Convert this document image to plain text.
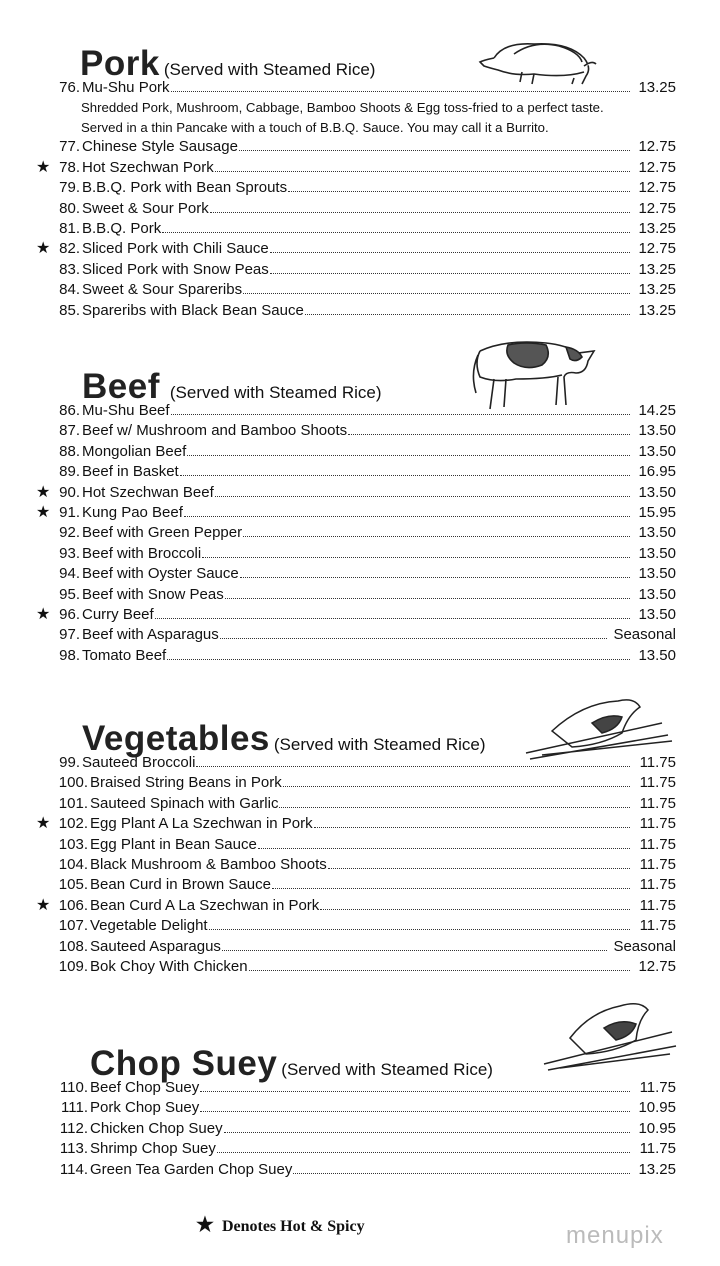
Pork (Served with Steamed Rice)
76. Mu-Shu Pork	13.25
Shredded Pork, Mushroom, Cabbage, Bamboo Shoots & Egg toss-fried to a perfect taste.
Served in a thin Pancake with a touch of B.B.Q. Sauce. You may call it a Burrito.
77. Chinese Style Sausage	12.75
★ 78. Hot Szechwan Pork	12.75
79. B.B.Q. Pork with Bean Sprouts	12.75
80. Sweet & Sour Pork	12.75
81. B.B.Q. Pork	13.25
★ 82. Sliced Pork with Chili Sauce	12.75
83. Sliced Pork with Snow Peas	13.25
84. Sweet & Sour Spareribs	13.25
85. Spareribs with Black Bean Sauce	13.25
Beef (Served with Steamed Rice)
86. Mu-Shu Beef	14.25
87. Beef w/ Mushroom and Bamboo Shoots	13.50
88. Mongolian Beef	13.50
89. Beef in Basket	16.95
★ 90. Hot Szechwan Beef	13.50
★ 91. Kung Pao Beef	15.95
92. Beef with Green Pepper	13.50
93. Beef with Broccoli	13.50
94. Beef with Oyster Sauce	13.50
95. Beef with Snow Peas	13.50
★ 96. Curry Beef	13.50
97. Beef with Asparagus	Seasonal
98. Tomato Beef	13.50
Vegetables (Served with Steamed Rice)
99. Sauteed Broccoli	11.75
100. Braised String Beans in Pork	11.75
101. Sauteed Spinach with Garlic	11.75
★ 102. Egg Plant A La Szechwan in Pork	11.75
103. Egg Plant in Bean Sauce	11.75
104. Black Mushroom & Bamboo Shoots	11.75
105. Bean Curd in Brown Sauce	11.75
★ 106. Bean Curd A La Szechwan in Pork	11.75
107. Vegetable Delight	11.75
108. Sauteed Asparagus	Seasonal
109. Bok Choy With Chicken	12.75
Chop Suey (Served with Steamed Rice)
110. Beef Chop Suey	11.75
111. Pork Chop Suey	10.95
112. Chicken Chop Suey	10.95
113. Shrimp Chop Suey	11.75
114. Green Tea Garden Chop Suey	13.25
★ Denotes Hot & Spicy	menupix
